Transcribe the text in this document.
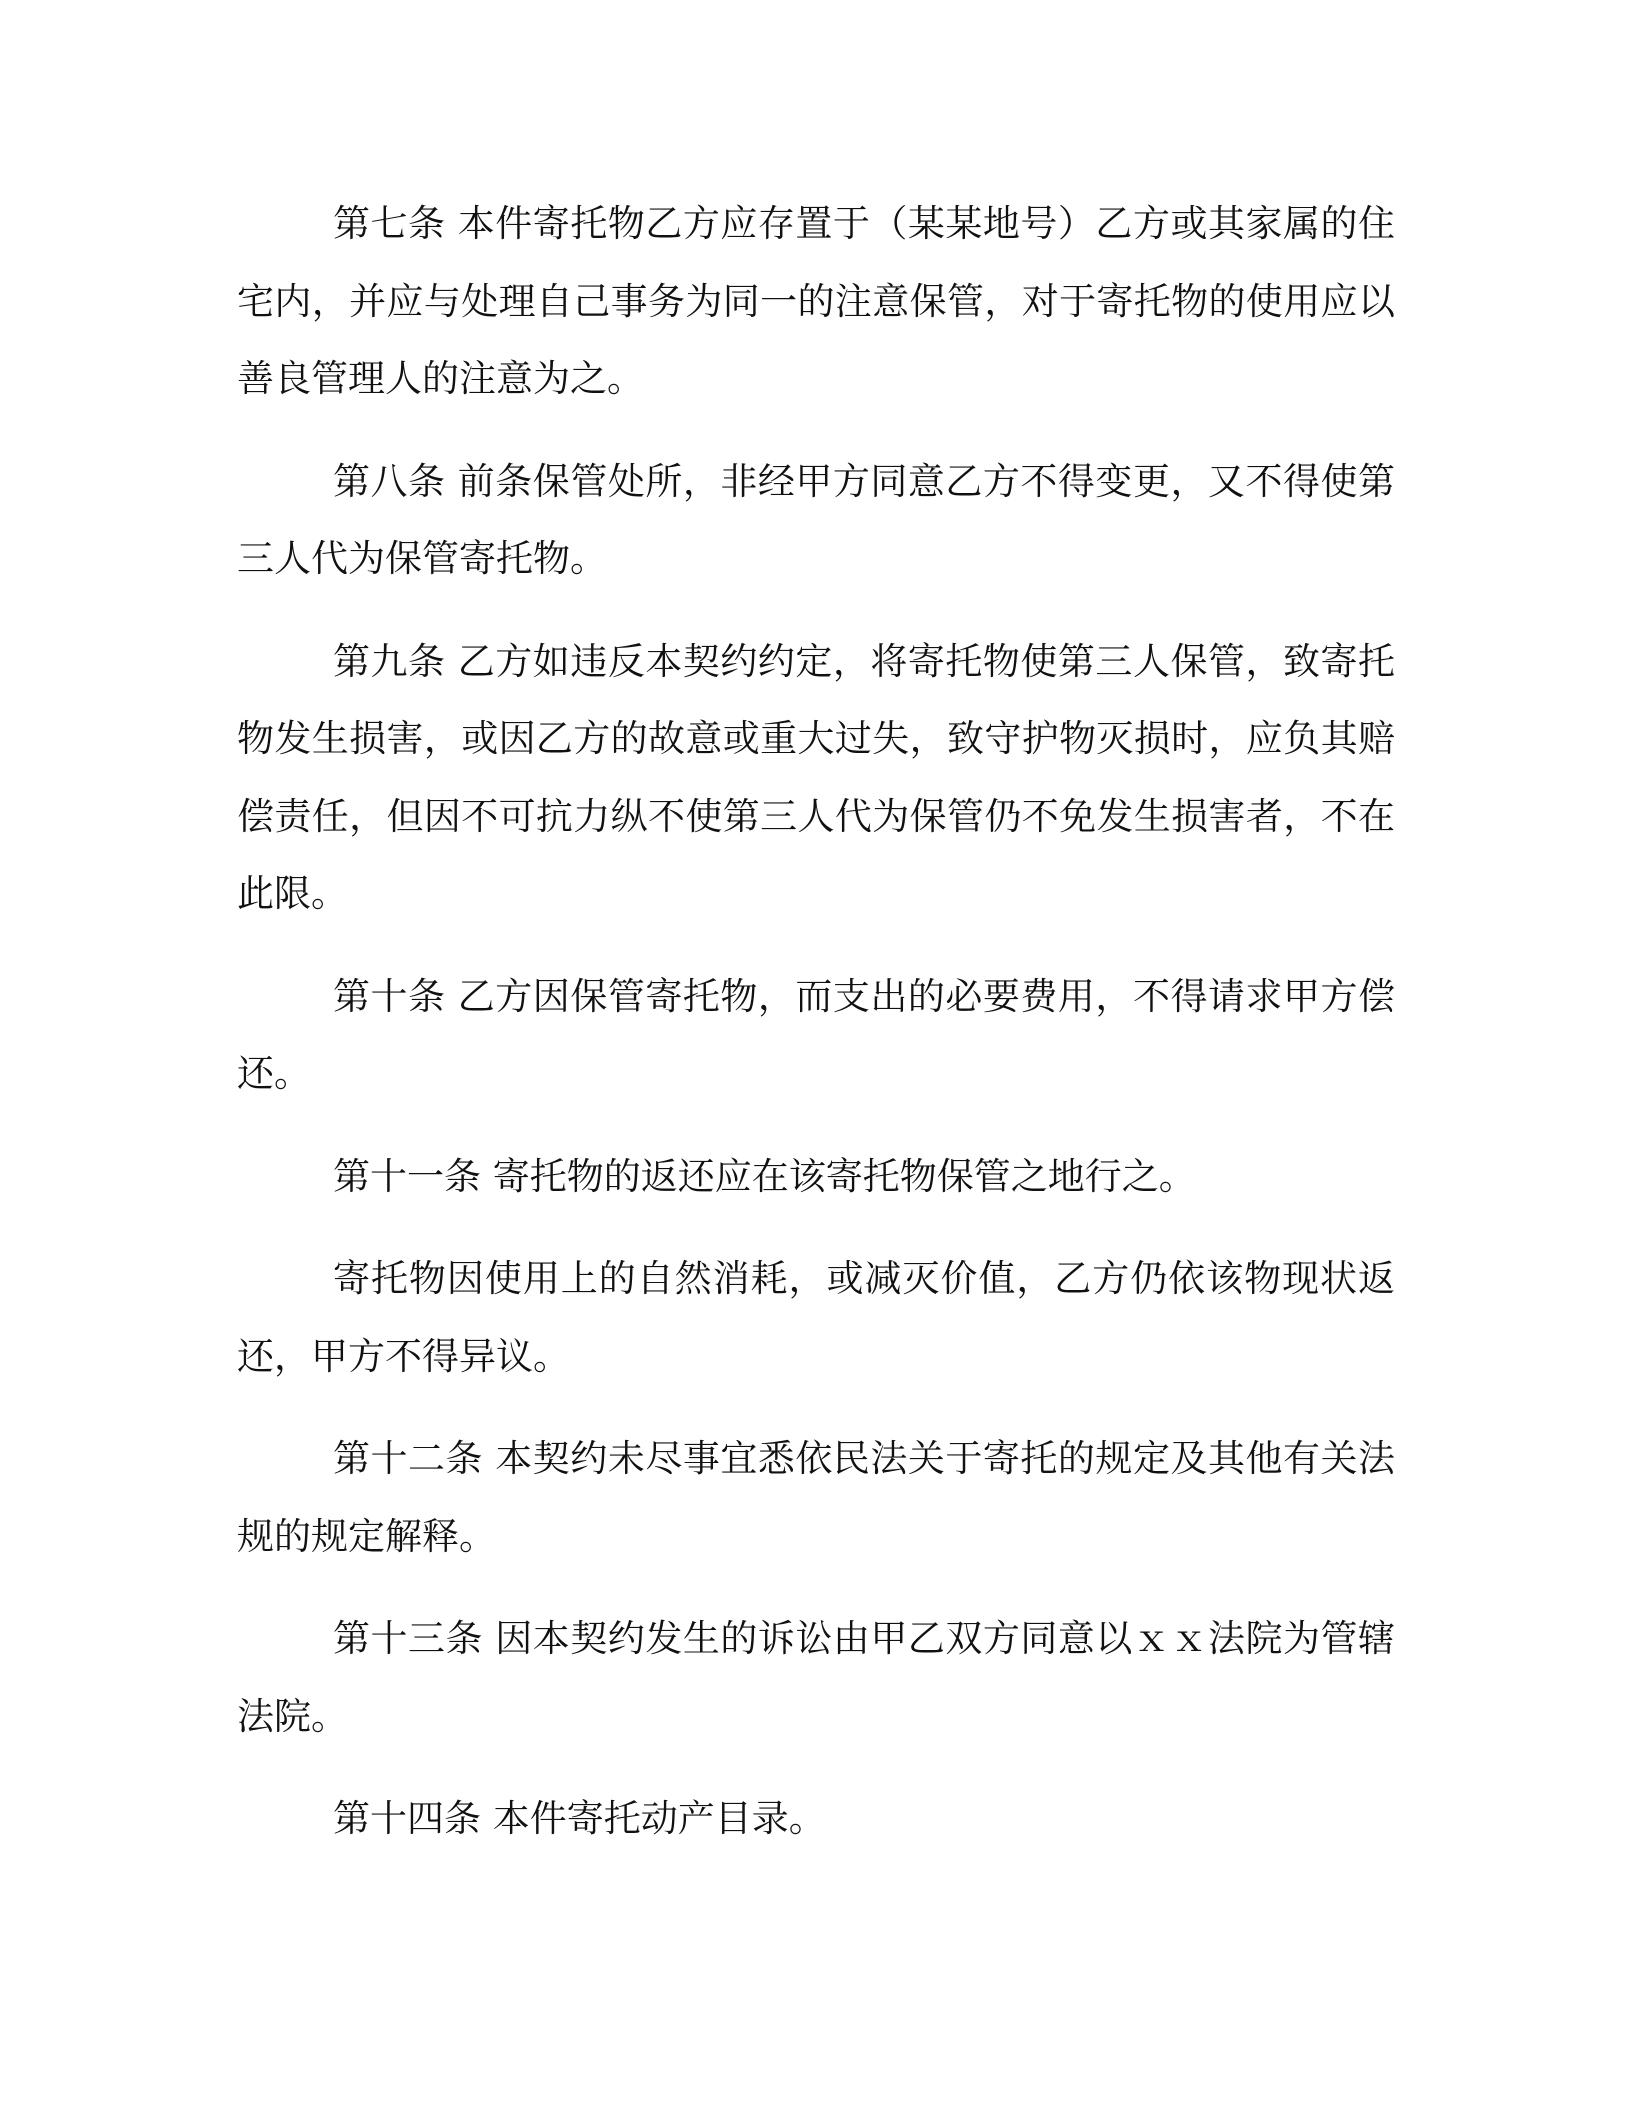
第七条 本件寄托物乙方应存置于（某某地号）乙方或其家属的住宅内，并应与处理自己事务为同一的注意保管，对于寄托物的使用应以善良管理人的注意为之。

第八条 前条保管处所，非经甲方同意乙方不得变更，又不得使第三人代为保管寄托物。

第九条 乙方如违反本契约约定，将寄托物使第三人保管，致寄托物发生损害，或因乙方的故意或重大过失，致守护物灭损时，应负其赔偿责任，但因不可抗力纵不使第三人代为保管仍不免发生损害者，不在此限。

第十条 乙方因保管寄托物，而支出的必要费用，不得请求甲方偿还。

第十一条 寄托物的返还应在该寄托物保管之地行之。

寄托物因使用上的自然消耗，或减灭价值，乙方仍依该物现状返还，甲方不得异议。

第十二条 本契约未尽事宜悉依民法关于寄托的规定及其他有关法规的规定解释。

第十三条 因本契约发生的诉讼由甲乙双方同意以ｘｘ法院为管辖法院。

第十四条 本件寄托动产目录。
